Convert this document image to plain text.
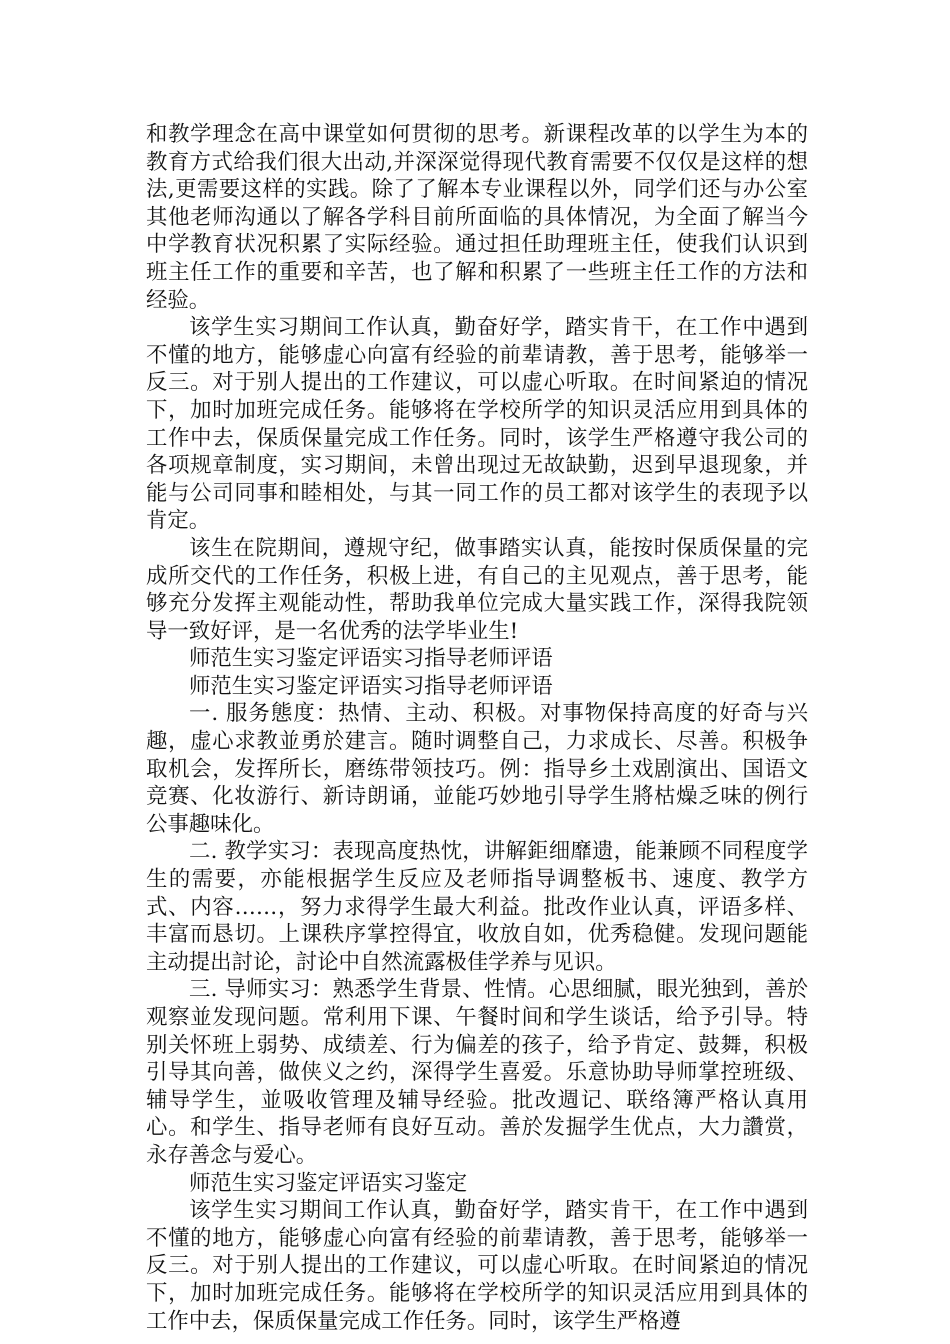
和教学理念在高中课堂如何贯彻的思考。新课程改革的以学生为本的教育方式给我们很大出动,并深深觉得现代教育需要不仅仅是这样的想法,更需要这样的实践。除了了解本专业课程以外，同学们还与办公室其他老师沟通以了解各学科目前所面临的具体情况，为全面了解当今中学教育状况积累了实际经验。通过担任助理班主任，使我们认识到班主任工作的重要和辛苦，也了解和积累了一些班主任工作的方法和经验。

该学生实习期间工作认真，勤奋好学，踏实肯干，在工作中遇到不懂的地方，能够虚心向富有经验的前辈请教，善于思考，能够举一反三。对于别人提出的工作建议，可以虚心听取。在时间紧迫的情况下，加时加班完成任务。能够将在学校所学的知识灵活应用到具体的工作中去，保质保量完成工作任务。同时，该学生严格遵守我公司的各项规章制度，实习期间，未曾出现过无故缺勤，迟到早退现象，并能与公司同事和睦相处，与其一同工作的员工都对该学生的表现予以肯定。

该生在院期间，遵规守纪，做事踏实认真，能按时保质保量的完成所交代的工作任务，积极上进，有自己的主见观点，善于思考，能够充分发挥主观能动性，帮助我单位完成大量实践工作，深得我院领导一致好评，是一名优秀的法学毕业生!

师范生实习鉴定评语实习指导老师评语

师范生实习鉴定评语实习指导老师评语

一. 服务態度：热情、主动、积极。对事物保持高度的好奇与兴趣，虚心求教並勇於建言。随时调整自己，力求成长、尽善。积极争取机会，发挥所长，磨练带领技巧。例：指导乡土戏剧演出、国语文竞赛、化妆游行、新诗朗诵，並能巧妙地引导学生將枯燥乏味的例行公事趣味化。

二. 教学实习：表现高度热忱，讲解鉅细靡遗，能兼顾不同程度学生的需要，亦能根据学生反应及老师指导调整板书、速度、教学方式、内容……，努力求得学生最大利益。批改作业认真，评语多样、丰富而恳切。上课秩序掌控得宜，收放自如，优秀稳健。发现问题能主动提出討论，討论中自然流露极佳学养与见识。

三. 导师实习：熟悉学生背景、性情。心思细腻，眼光独到，善於观察並发现问题。常利用下课、午餐时间和学生谈话，给予引导。特别关怀班上弱势、成绩差、行为偏差的孩子，给予肯定、鼓舞，积极引导其向善，做侠义之约，深得学生喜爱。乐意协助导师掌控班级、辅导学生，並吸收管理及辅导经验。批改週记、联络簿严格认真用心。和学生、指导老师有良好互动。善於发掘学生优点，大力讚赏，永存善念与爱心。

师范生实习鉴定评语实习鉴定

该学生实习期间工作认真，勤奋好学，踏实肯干，在工作中遇到不懂的地方，能够虚心向富有经验的前辈请教，善于思考，能够举一反三。对于别人提出的工作建议，可以虚心听取。在时间紧迫的情况下，加时加班完成任务。能够将在学校所学的知识灵活应用到具体的工作中去，保质保量完成工作任务。同时，该学生严格遵
